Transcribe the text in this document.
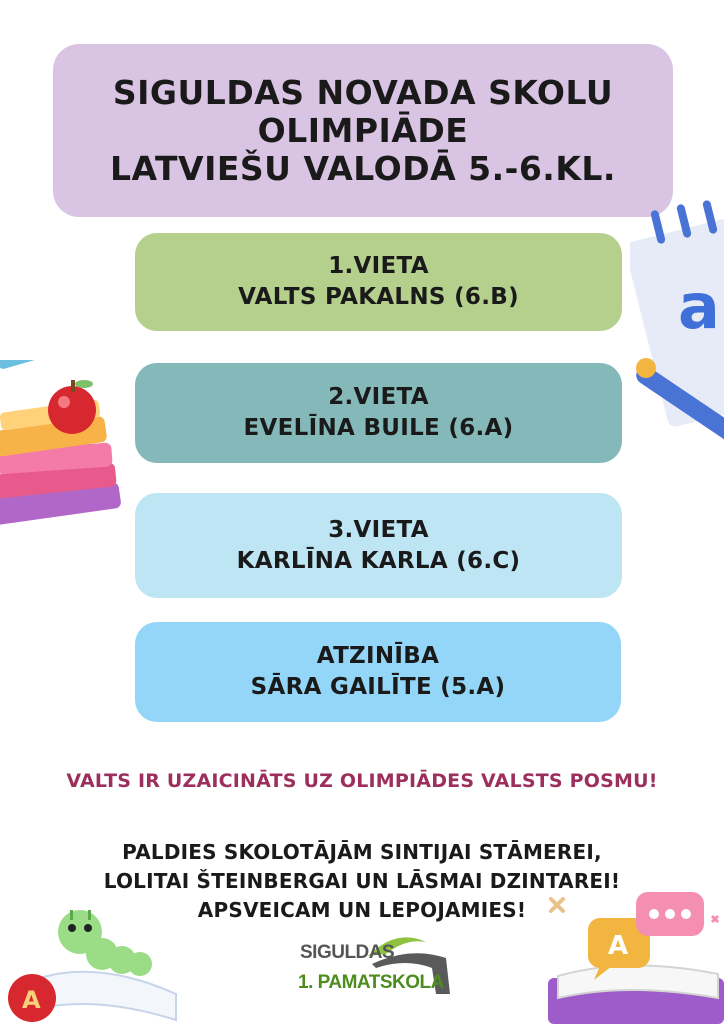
SIGULDAS NOVADA SKOLU
OLIMPIĀDE
LATVIEŠU VALODĀ 5.-6.KL.
1.VIETA
VALTS PAKALNS (6.B)
2.VIETA
EVELĪNA BUILE (6.A)
3.VIETA
KARLĪNA KARLA (6.C)
ATZINĪBA
SĀRA GAILĪTE (5.A)
VALTS IR UZAICINĀTS UZ OLIMPIĀDES VALSTS POSMU!
PALDIES SKOLOTĀJĀM SINTIJAI STĀMEREI,
LOLITAI ŠTEINBERGAI UN LĀSMAI DZINTAREI!
APSVEICAM UN LEPOJAMIES!
SIGULDAS
1. PAMATSKOLA
a
A
A
